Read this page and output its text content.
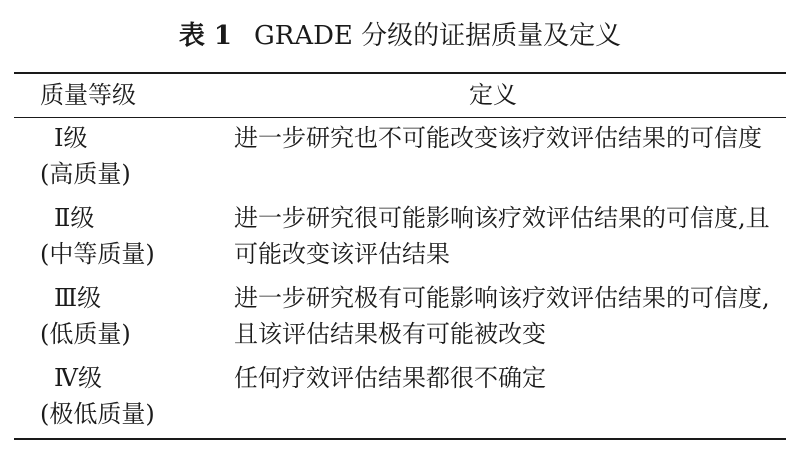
表 1 GRADE 分级的证据质量及定义
质量等级	定义
Ⅰ级
(高质量)
进一步研究也不可能改变该疗效评估结果的可信度
Ⅱ级
(中等质量)
进一步研究很可能影响该疗效评估结果的可信度,且可能改变该评估结果
Ⅲ级
(低质量)
进一步研究极有可能影响该疗效评估结果的可信度,且该评估结果极有可能被改变
Ⅳ级
(极低质量)
任何疗效评估结果都很不确定
